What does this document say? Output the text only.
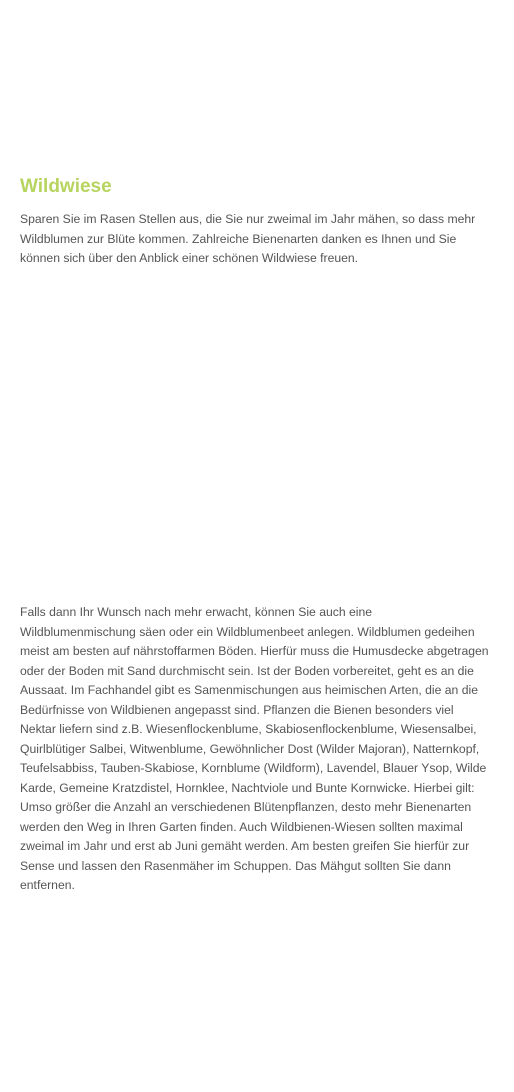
Wildwiese

Sparen Sie im Rasen Stellen aus, die Sie nur zweimal im Jahr mähen, so dass mehr Wildblumen zur Blüte kommen. Zahlreiche Bienenarten danken es Ihnen und Sie können sich über den Anblick einer schönen Wildwiese freuen.

Falls dann Ihr Wunsch nach mehr erwacht, können Sie auch eine Wildblumenmischung säen oder ein Wildblumenbeet anlegen. Wildblumen gedeihen meist am besten auf nährstoffarmen Böden. Hierfür muss die Humusdecke abgetragen oder der Boden mit Sand durchmischt sein. Ist der Boden vorbereitet, geht es an die Aussaat. Im Fachhandel gibt es Samenmischungen aus heimischen Arten, die an die Bedürfnisse von Wildbienen angepasst sind. Pflanzen die Bienen besonders viel Nektar liefern sind z.B. Wiesenflockenblume, Skabiosenflockenblume, Wiesensalbei, Quirlblütiger Salbei, Witwenblume, Gewöhnlicher Dost (Wilder Majoran), Natternkopf, Teufelsabbiss, Tauben-Skabiose, Kornblume (Wildform), Lavendel, Blauer Ysop, Wilde Karde, Gemeine Kratzdistel, Hornklee, Nachtviole und Bunte Kornwicke. Hierbei gilt: Umso größer die Anzahl an verschiedenen Blütenpflanzen, desto mehr Bienenarten werden den Weg in Ihren Garten finden. Auch Wildbienen-Wiesen sollten maximal zweimal im Jahr und erst ab Juni gemäht werden. Am besten greifen Sie hierfür zur Sense und lassen den Rasenmäher im Schuppen. Das Mähgut sollten Sie dann entfernen.
